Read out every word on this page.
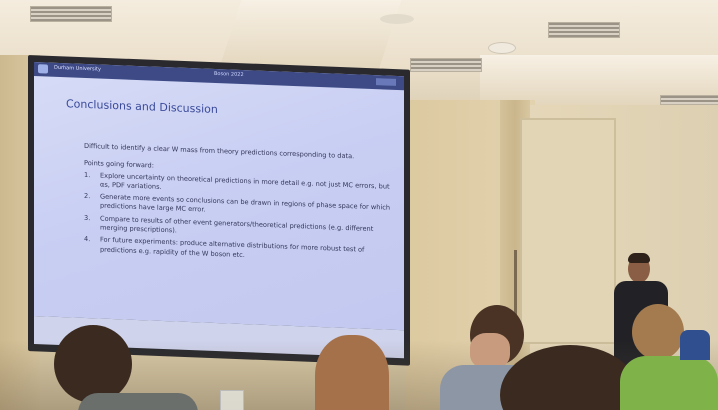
Durham University
Boson 2022
Conclusions and Discussion
Difficult to identify a clear W mass from theory predictions corresponding to data.
Points going forward:
1.	Explore uncertainty on theoretical predictions in more detail e.g. not just MC errors, but αs, PDF variations.
2.	Generate more events so conclusions can be drawn in regions of phase space for which predictions have large MC error.
3.	Compare to results of other event generators/theoretical predictions (e.g. different merging prescriptions).
4.	For future experiments: produce alternative distributions for more robust test of predictions e.g. rapidity of the W boson etc.
